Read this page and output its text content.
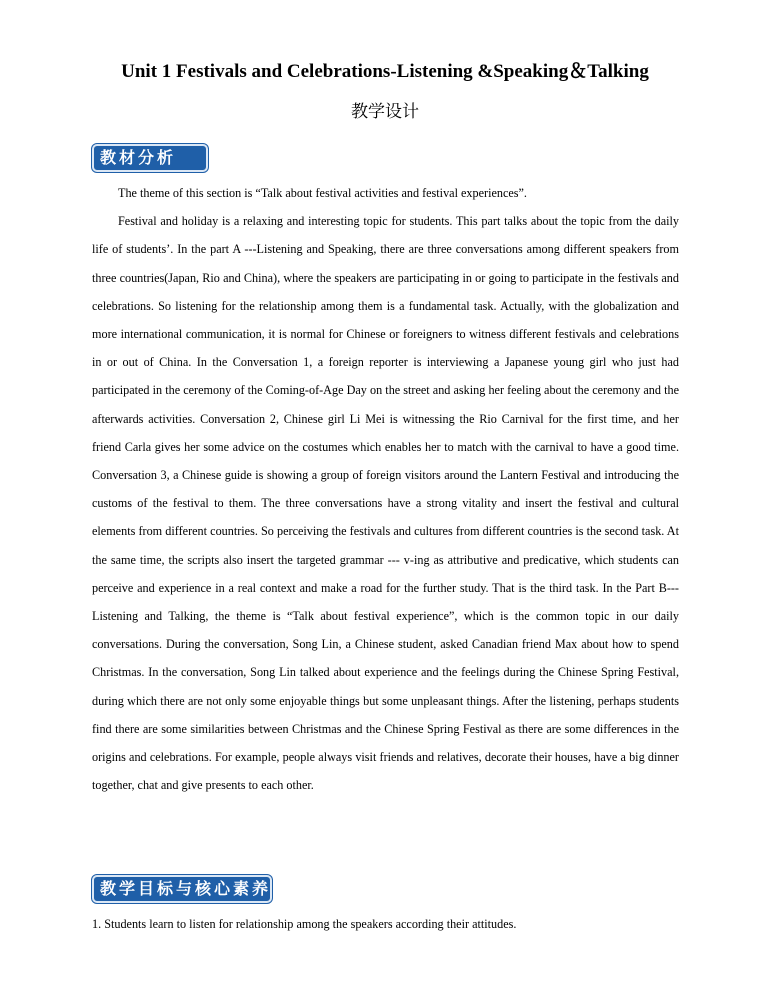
Unit 1 Festivals and Celebrations-Listening &Speaking＆Talking
教学设计
教材分析

The theme of this section is “Talk about festival activities and festival experiences”.

Festival and holiday is a relaxing and interesting topic for students. This part talks about the topic from the daily life of students’. In the part A ---Listening and Speaking, there are three conversations among different speakers from three countries(Japan, Rio and China), where the speakers are participating in or going to participate in the festivals and celebrations. So listening for the relationship among them is a fundamental task. Actually, with the globalization and more international communication, it is normal for Chinese or foreigners to witness different festivals and celebrations in or out of China. In the Conversation 1, a foreign reporter is interviewing a Japanese young girl who just had participated in the ceremony of the Coming-of-Age Day on the street and asking her feeling about the ceremony and the afterwards activities. Conversation 2, Chinese girl Li Mei is witnessing the Rio Carnival for the first time, and her friend Carla gives her some advice on the costumes which enables her to match with the carnival to have a good time. Conversation 3, a Chinese guide is showing a group of foreign visitors around the Lantern Festival and introducing the customs of the festival to them. The three conversations have a strong vitality and insert the festival and cultural elements from different countries. So perceiving the festivals and cultures from different countries is the second task. At the same time, the scripts also insert the targeted grammar --- v-ing as attributive and predicative, which students can perceive and experience in a real context and make a road for the further study. That is the third task. In the Part B--- Listening and Talking, the theme is “Talk about festival experience”, which is the common topic in our daily conversations. During the conversation, Song Lin, a Chinese student, asked Canadian friend Max about how to spend Christmas. In the conversation, Song Lin talked about experience and the feelings during the Chinese Spring Festival, during which there are not only some enjoyable things but some unpleasant things. After the listening, perhaps students find there are some similarities between Christmas and the Chinese Spring Festival as there are some differences in the origins and celebrations. For example, people always visit friends and relatives, decorate their houses, have a big dinner together, chat and give presents to each other.

教学目标与核心素养
1. Students learn to listen for relationship among the speakers according their attitudes.
